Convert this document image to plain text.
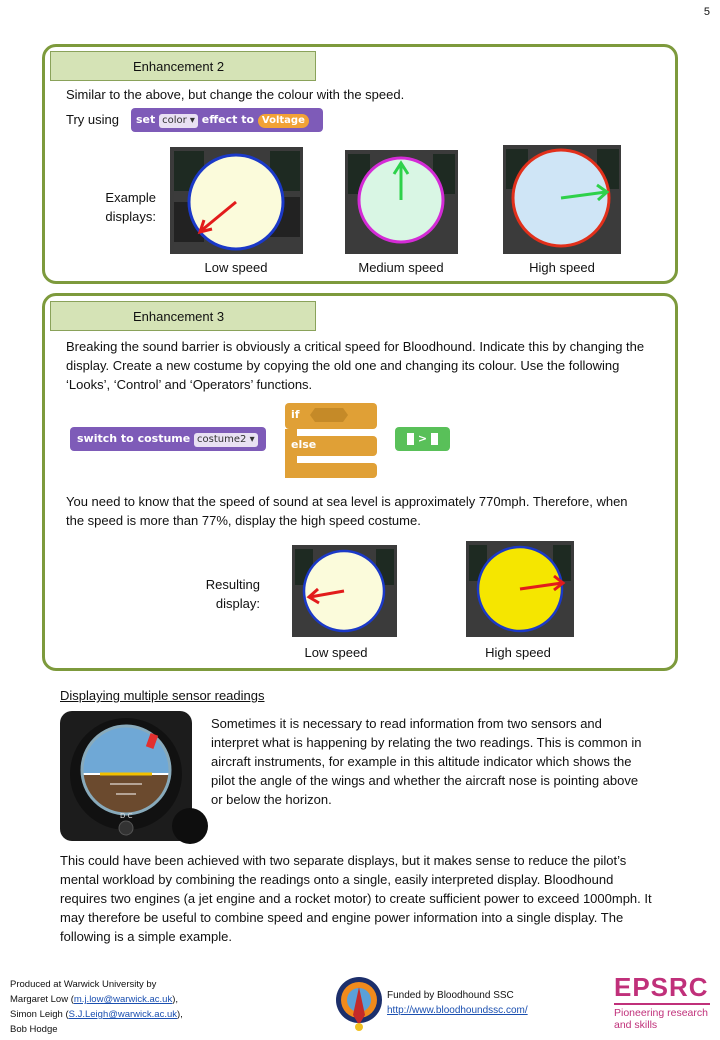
5
Enhancement 2
Similar to the above, but change the colour with the speed.
Try using	set color ▾ effect to Voltage
Example
displays:
Low speed	Medium speed	High speed
Enhancement 3
Breaking the sound barrier is obviously a critical speed for Bloodhound. Indicate this by changing the display. Create a new costume by copying the old one and changing its colour. Use the following ‘Looks’, ‘Control’ and ‘Operators’ functions.
switch to costume costume2 ▾
if
else	>
You need to know that the speed of sound at sea level is approximately 770mph. Therefore, when the speed is more than 77%, display the high speed costume.
Resulting
display:
Low speed	High speed
Displaying multiple sensor readings
D C
Sometimes it is necessary to read information from two sensors and interpret what is happening by relating the two readings. This is common in aircraft instruments, for example in this altitude indicator which shows the pilot the angle of the wings and whether the aircraft nose is pointing above or below the horizon.
This could have been achieved with two separate displays, but it makes sense to reduce the pilot’s mental workload by combining the readings onto a single, easily interpreted display. Bloodhound requires two engines (a jet engine and a rocket motor) to create sufficient power to exceed 1000mph. It may therefore be useful to combine speed and engine power information into a single display. The following is a simple example.
Produced at Warwick University by
Margaret Low (m.j.low@warwick.ac.uk),
Simon Leigh (S.J.Leigh@warwick.ac.uk),
Bob Hodge
Funded by Bloodhound SSC
http://www.bloodhoundssc.com/
EPSRC
Pioneering research
and skills
